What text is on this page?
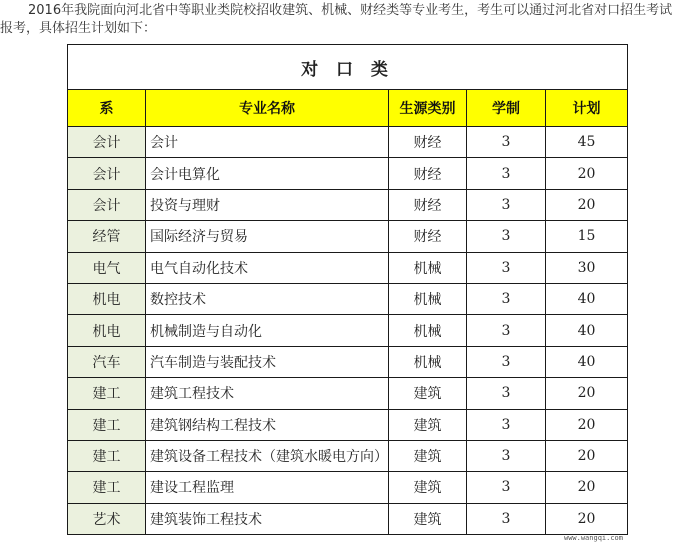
2016年我院面向河北省中等职业类院校招收建筑、机械、财经类等专业考生，考生可以通过河北省对口招生考试报考，具体招生计划如下：
对 口 类				
系	专业名称	生源类别	学制	计划
会计	会计	财经	3	45
会计	会计电算化	财经	3	20
会计	投资与理财	财经	3	20
经管	国际经济与贸易	财经	3	15
电气	电气自动化技术	机械	3	30
机电	数控技术	机械	3	40
机电	机械制造与自动化	机械	3	40
汽车	汽车制造与装配技术	机械	3	40
建工	建筑工程技术	建筑	3	20
建工	建筑钢结构工程技术	建筑	3	20
建工	建筑设备工程技术（建筑水暖电方向）	建筑	3	20
建工	建设工程监理	建筑	3	20
艺术	建筑装饰工程技术	建筑	3	20
www.wangqi.com
